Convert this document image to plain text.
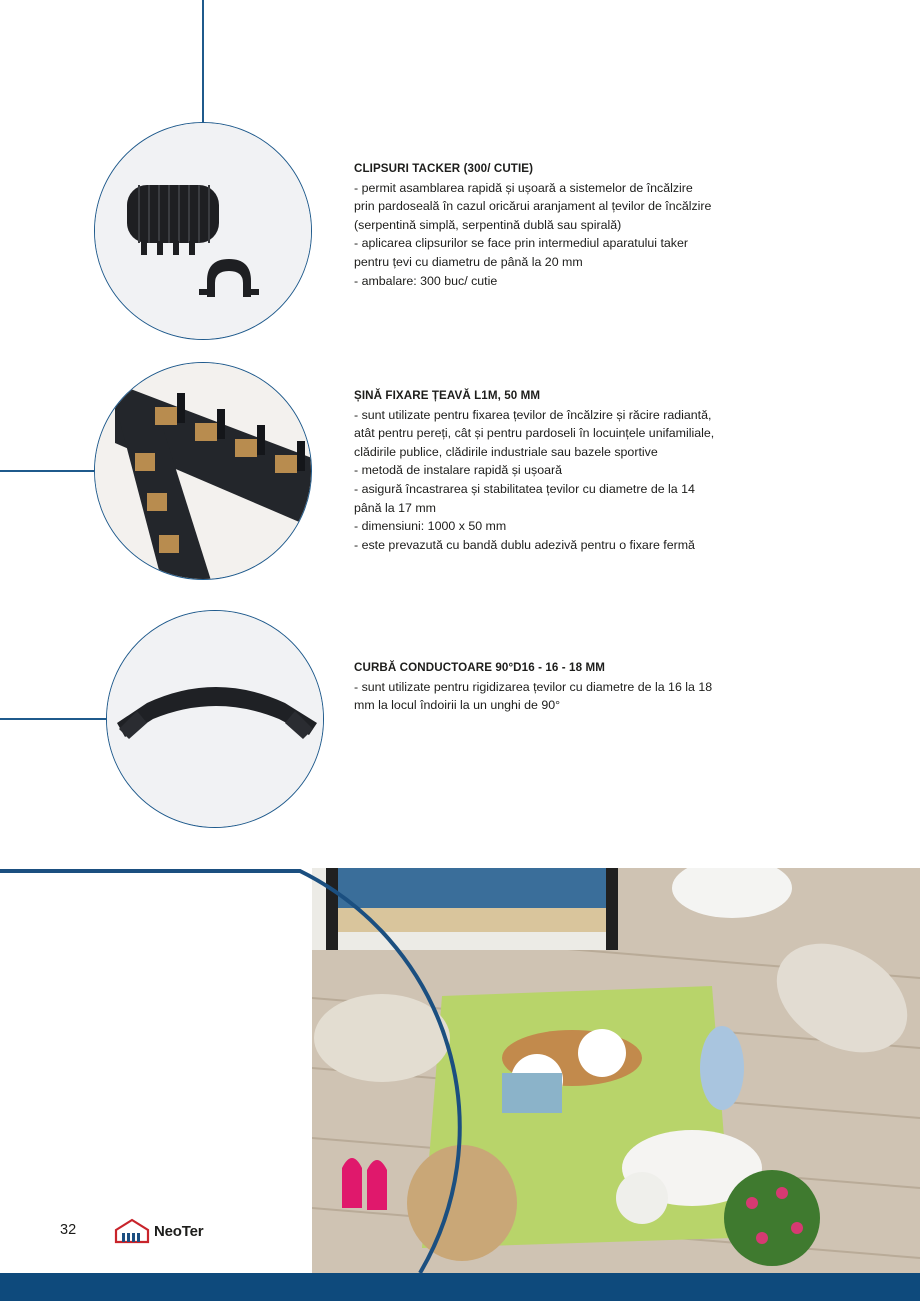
CLIPSURI TACKER (300/ CUTIE)

- permit asamblarea rapidă și ușoară a sistemelor de încălzire

prin pardoseală în cazul oricărui aranjament al țevilor de încălzire

(serpentină simplă, serpentină dublă sau spirală)

- aplicarea clipsurilor se face prin intermediul aparatului taker

pentru țevi cu diametru de până la 20 mm

- ambalare: 300 buc/ cutie

ȘINĂ FIXARE ȚEAVĂ L1M, 50 MM

- sunt utilizate pentru fixarea țevilor de încălzire și răcire radiantă,

atât pentru pereți, cât și pentru pardoseli în locuințele unifamiliale,

clădirile publice, clădirile industriale sau bazele sportive

- metodă de instalare rapidă și ușoară

- asigură încastrarea și stabilitatea țevilor cu diametre de la 14

până la 17 mm

- dimensiuni: 1000 x 50 mm

- este prevazută cu bandă dublu adezivă pentru o fixare fermă

CURBĂ CONDUCTOARE 90°D16 - 16 - 18 MM

- sunt utilizate pentru rigidizarea țevilor cu diametre de la 16 la 18

mm la locul îndoirii la un unghi de 90°

32	NeoTer
